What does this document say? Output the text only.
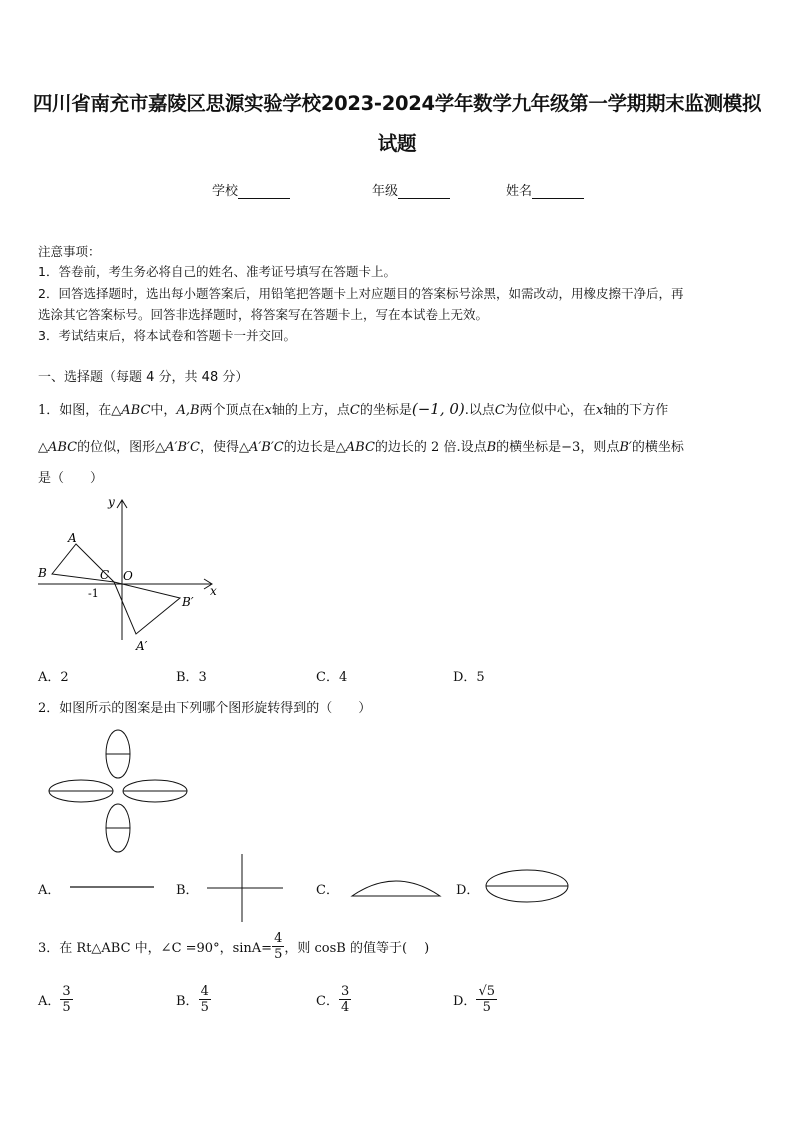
四川省南充市嘉陵区思源实验学校2023-2024学年数学九年级第一学期期末监测模拟
试题
学校	年级	姓名
注意事项：
1．答卷前，考生务必将自己的姓名、准考证号填写在答题卡上。
2．回答选择题时，选出每小题答案后，用铅笔把答题卡上对应题目的答案标号涂黑，如需改动，用橡皮擦干净后，再
选涂其它答案标号。回答非选择题时，将答案写在答题卡上，写在本试卷上无效。
3．考试结束后，将本试卷和答题卡一并交回。
一、选择题（每题 4 分，共 48 分）
1．如图，在△ABC中，A,B两个顶点在x轴的上方，点C的坐标是(−1, 0).以点C为位似中心，在x轴的下方作
△ABC的位似，图形△A′B′C，使得△A′B′C的边长是△ABC的边长的 2 倍.设点B的横坐标是−3，则点B′的横坐标
是（　　）
A
B	C O
-1
B′
A′
x
y
A．2	B．3	C．4	D．5
2．如图所示的图案是由下列哪个图形旋转得到的（　　）
A．	B．	C．	D．
3．在 Rt△ABC 中，∠C =90°，$\sin A= \frac{4}{5}$ ，则 cosB 的值等于(　 )
A． $\frac{3}{5}$	B． $\frac{4}{5}$	C． $\frac{3}{4}$	D． $\frac{√5}{5}$
